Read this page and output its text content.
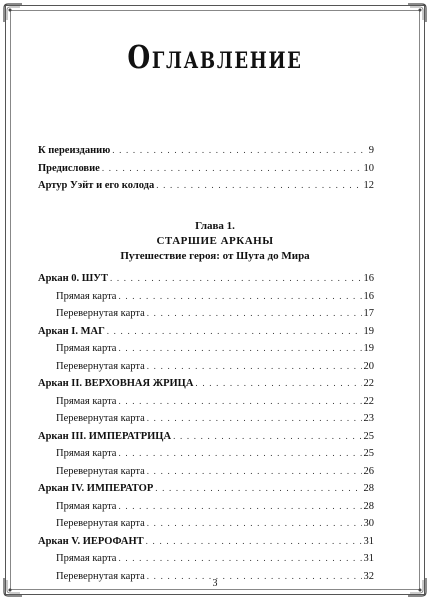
Оглавление
К переизданию . . .	9
Предисловие . . .	10
Артур Уэйт и его колода . . .	12
Глава 1.
СТАРШИЕ АРКАНЫ
Путешествие героя: от Шута до Мира
Аркан 0. ШУТ . . .	16
Прямая карта . . .	16
Перевернутая карта . . .	17
Аркан I. МАГ . . .	19
Прямая карта . . .	19
Перевернутая карта . . .	20
Аркан II. ВЕРХОВНАЯ ЖРИЦА . . .	22
Прямая карта . . .	22
Перевернутая карта . . .	23
Аркан III. ИМПЕРАТРИЦА . . .	25
Прямая карта . . .	25
Перевернутая карта . . .	26
Аркан IV. ИМПЕРАТОР . . .	28
Прямая карта . . .	28
Перевернутая карта . . .	30
Аркан V. ИЕРОФАНТ . . .	31
Прямая карта . . .	31
Перевернутая карта . . .	32
3
